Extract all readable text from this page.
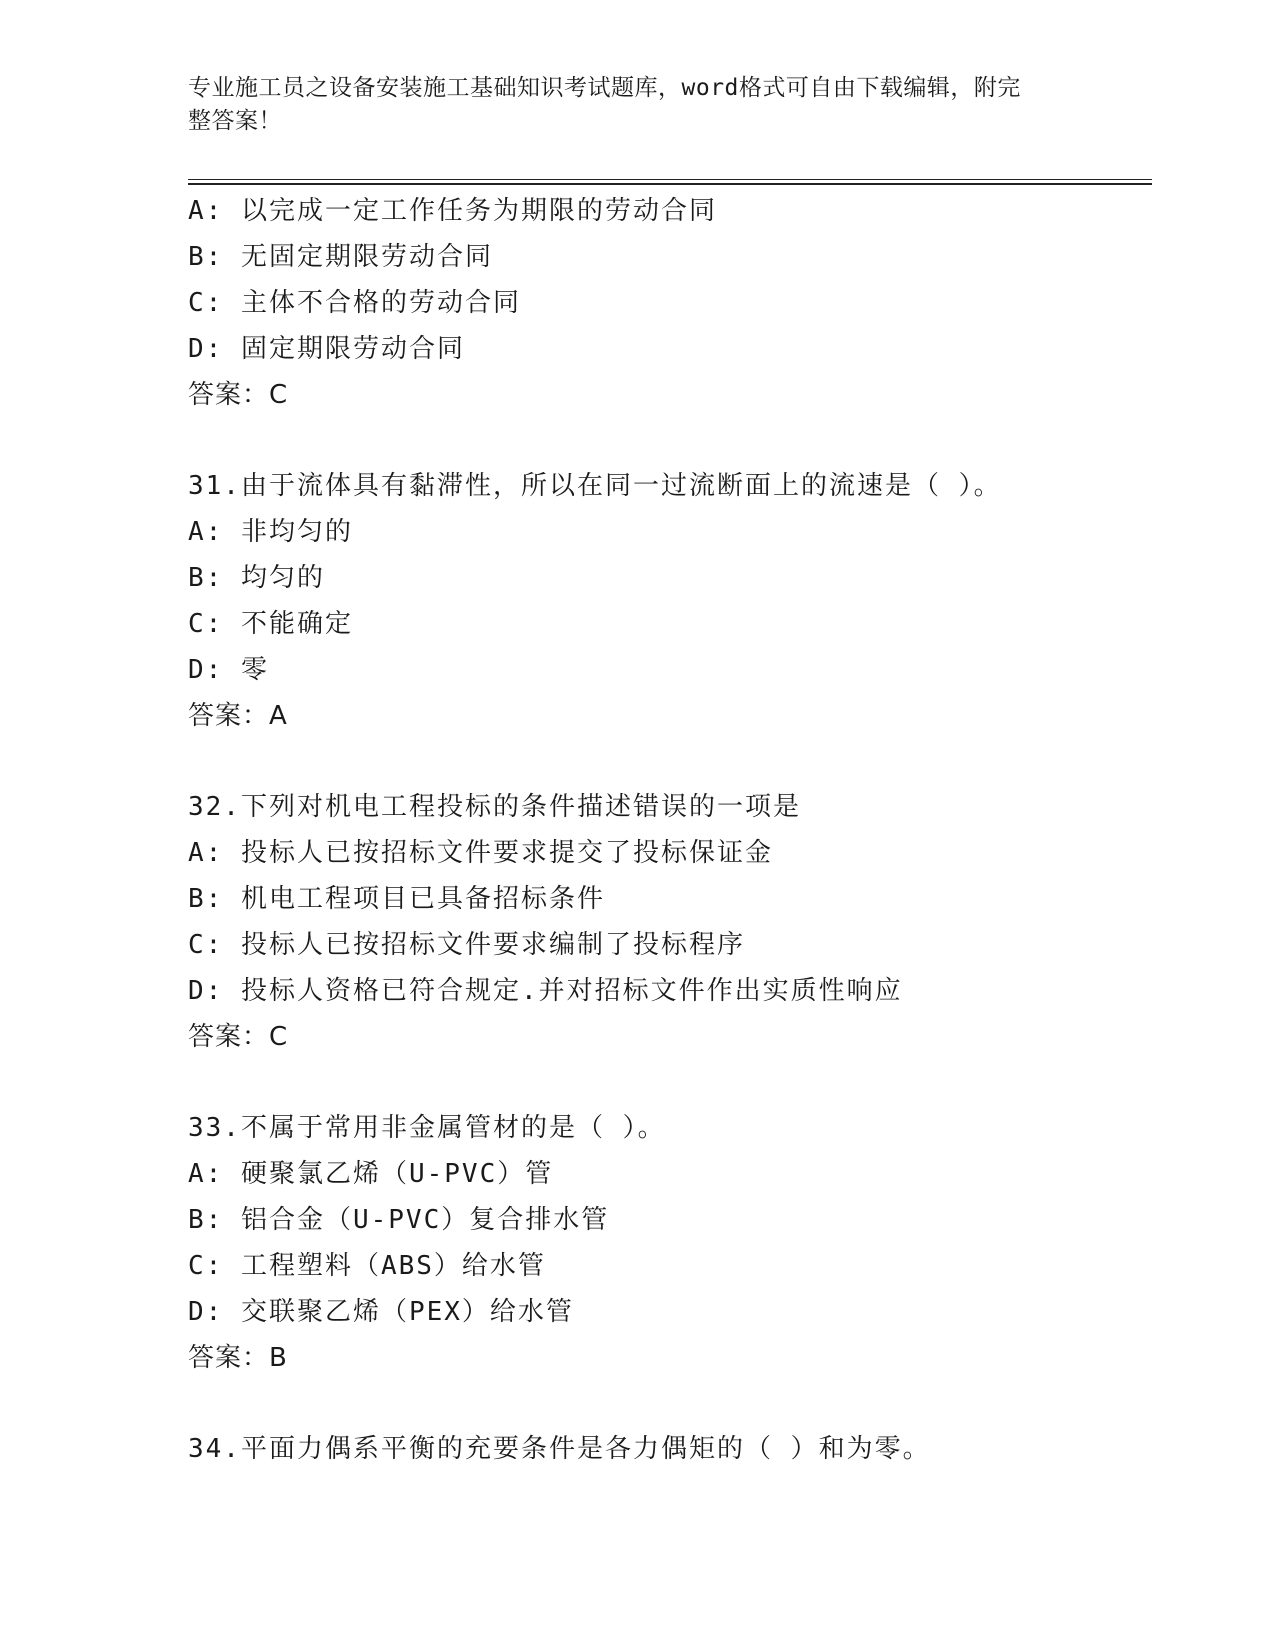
专业施工员之设备安装施工基础知识考试题库，word格式可自由下载编辑，附完
整答案！
A: 以完成一定工作任务为期限的劳动合同
B: 无固定期限劳动合同
C: 主体不合格的劳动合同
D: 固定期限劳动合同
答案：C
31.由于流体具有黏滞性，所以在同一过流断面上的流速是（ ）。
A: 非均匀的
B: 均匀的
C: 不能确定
D: 零
答案：A
32.下列对机电工程投标的条件描述错误的一项是
A: 投标人已按招标文件要求提交了投标保证金
B: 机电工程项目已具备招标条件
C: 投标人已按招标文件要求编制了投标程序
D: 投标人资格已符合规定.并对招标文件作出实质性响应
答案：C
33.不属于常用非金属管材的是（ ）。
A: 硬聚氯乙烯（U-PVC）管
B: 铝合金（U-PVC）复合排水管
C: 工程塑料（ABS）给水管
D: 交联聚乙烯（PEX）给水管
答案：B
34.平面力偶系平衡的充要条件是各力偶矩的（ ）和为零。
